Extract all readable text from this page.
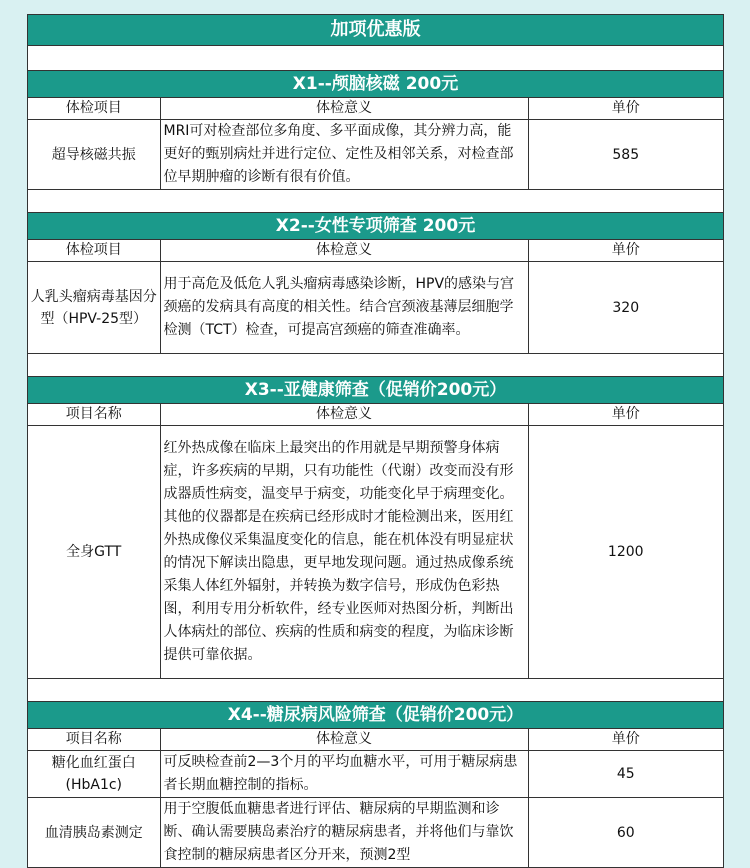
加项优惠版
X1--颅脑核磁 200元
体检项目	体检意义	单价
超导核磁共振	MRI可对检查部位多角度、多平面成像，其分辨力高，能更好的甄别病灶并进行定位、定性及相邻关系，对检查部位早期肿瘤的诊断有很有价值。	585
X2--女性专项筛查 200元
体检项目	体检意义	单价
人乳头瘤病毒基因分型（HPV-25型）	用于高危及低危人乳头瘤病毒感染诊断，HPV的感染与宫颈癌的发病具有高度的相关性。结合宫颈液基薄层细胞学检测（TCT）检查，可提高宫颈癌的筛查准确率。	320
X3--亚健康筛查（促销价200元）
项目名称	体检意义	单价
全身GTT	红外热成像在临床上最突出的作用就是早期预警身体病症，许多疾病的早期，只有功能性（代谢）改变而没有形成器质性病变，温变早于病变，功能变化早于病理变化。其他的仪器都是在疾病已经形成时才能检测出来，医用红外热成像仪采集温度变化的信息，能在机体没有明显症状的情况下解读出隐患，更早地发现问题。通过热成像系统采集人体红外辐射，并转换为数字信号，形成伪色彩热图，利用专用分析软件，经专业医师对热图分析，判断出人体病灶的部位、疾病的性质和病变的程度，为临床诊断提供可靠依据。	1200
X4--糖尿病风险筛查（促销价200元）
项目名称	体检意义	单价
糖化血红蛋白(HbA1c)	可反映检查前2—3个月的平均血糖水平，可用于糖尿病患者长期血糖控制的指标。	45
血清胰岛素测定	用于空腹低血糖患者进行评估、糖尿病的早期监测和诊断、确认需要胰岛素治疗的糖尿病患者，并将他们与靠饮食控制的糖尿病患者区分开来，预测2型	60
